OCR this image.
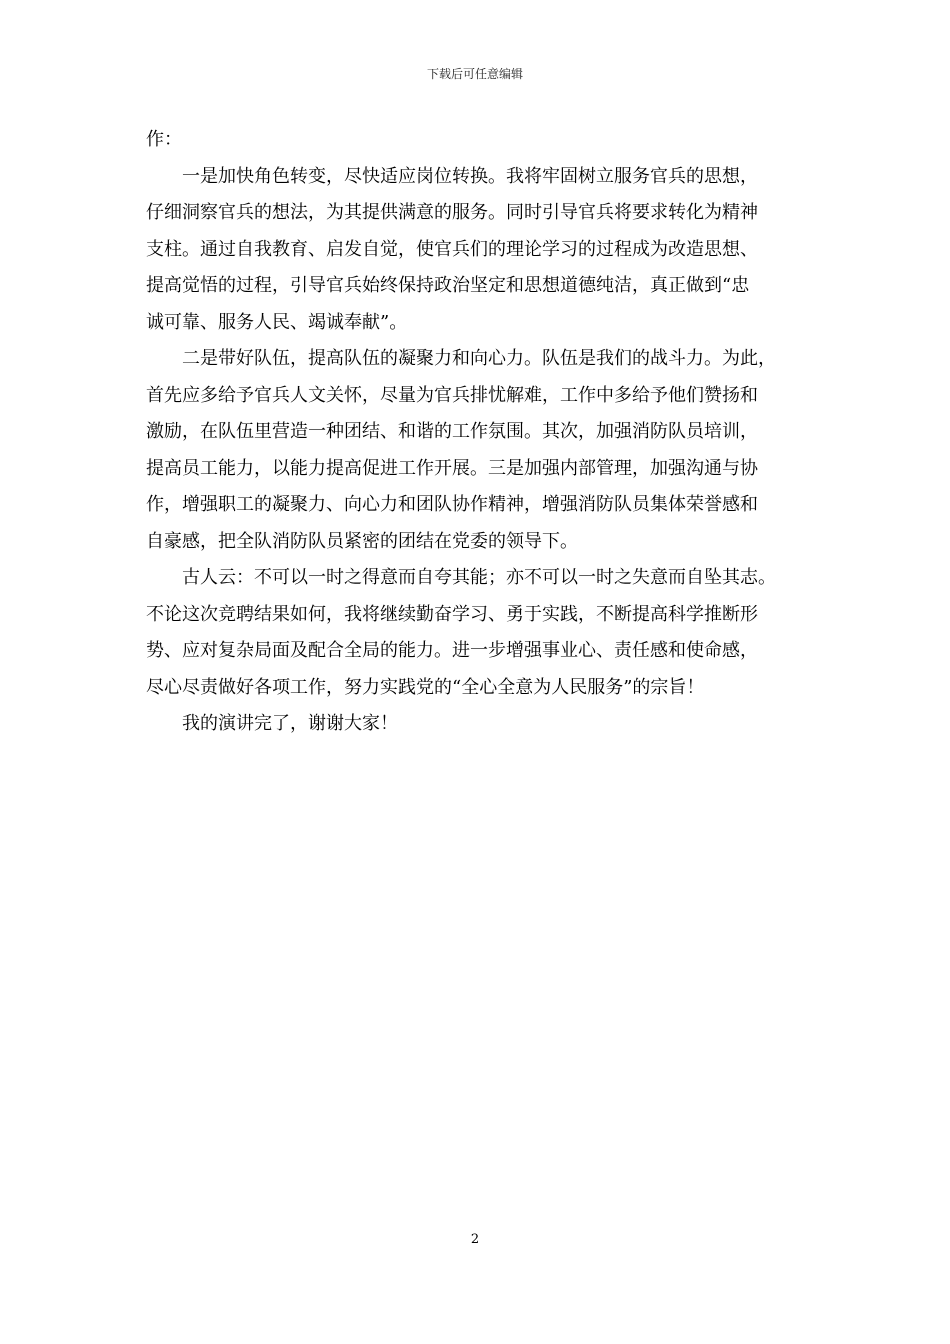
下载后可任意编辑
作：
一是加快角色转变，尽快适应岗位转换。我将牢固树立服务官兵的思想，
仔细洞察官兵的想法，为其提供满意的服务。同时引导官兵将要求转化为精神
支柱。通过自我教育、启发自觉，使官兵们的理论学习的过程成为改造思想、
提高觉悟的过程，引导官兵始终保持政治坚定和思想道德纯洁，真正做到“忠
诚可靠、服务人民、竭诚奉献”。
二是带好队伍，提高队伍的凝聚力和向心力。队伍是我们的战斗力。为此，
首先应多给予官兵人文关怀，尽量为官兵排忧解难，工作中多给予他们赞扬和
激励，在队伍里营造一种团结、和谐的工作氛围。其次，加强消防队员培训，
提高员工能力，以能力提高促进工作开展。三是加强内部管理，加强沟通与协
作，增强职工的凝聚力、向心力和团队协作精神，增强消防队员集体荣誉感和
自豪感，把全队消防队员紧密的团结在党委的领导下。
古人云：不可以一时之得意而自夸其能；亦不可以一时之失意而自坠其志。
不论这次竞聘结果如何，我将继续勤奋学习、勇于实践，不断提高科学推断形
势、应对复杂局面及配合全局的能力。进一步增强事业心、责任感和使命感，
尽心尽责做好各项工作，努力实践党的“全心全意为人民服务”的宗旨！
我的演讲完了，谢谢大家！
2
